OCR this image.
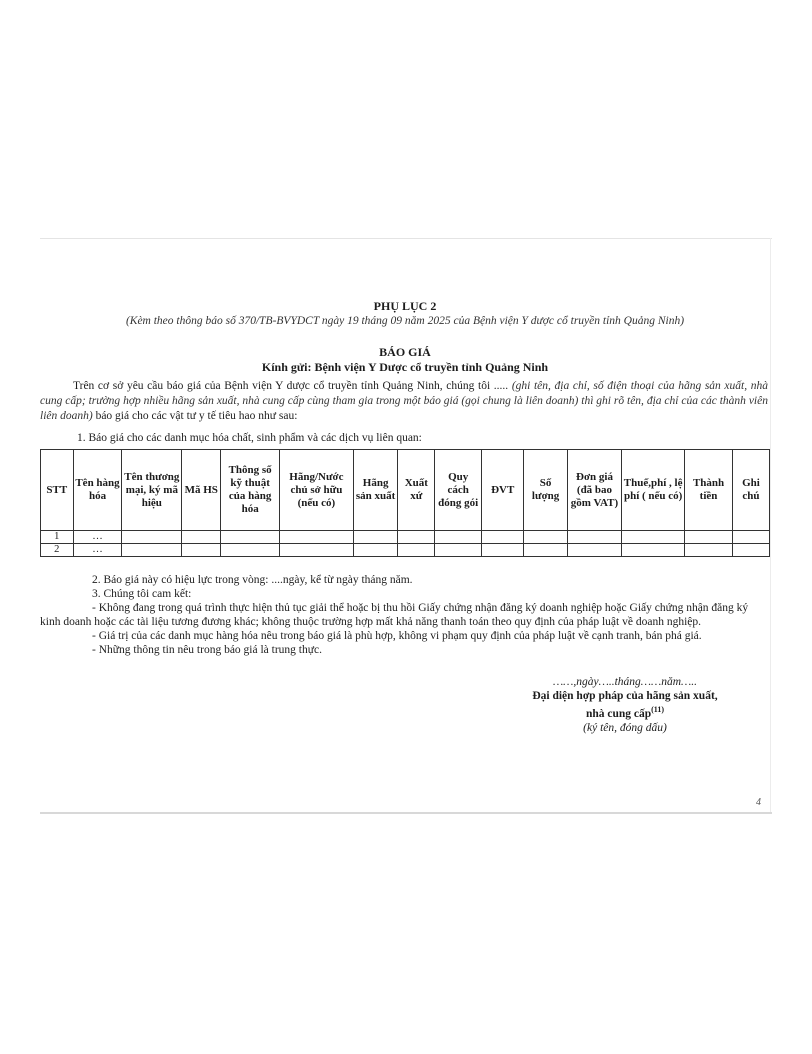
PHỤ LỤC 2
(Kèm theo thông báo số 370/TB-BVYDCT ngày 19 tháng 09 năm 2025 của Bệnh viện Y dược cổ truyền tỉnh Quảng Ninh)
BÁO GIÁ
Kính gửi: Bệnh viện Y Dược cổ truyền tỉnh Quảng Ninh
Trên cơ sở yêu cầu báo giá của Bệnh viện Y dược cổ truyền tỉnh Quảng Ninh, chúng tôi ..... (ghi tên, địa chỉ, số điện thoại của hãng sản xuất, nhà cung cấp; trường hợp nhiều hãng sản xuất, nhà cung cấp cùng tham gia trong một báo giá (gọi chung là liên doanh) thì ghi rõ tên, địa chỉ của các thành viên liên doanh) báo giá cho các vật tư y tế tiêu hao như sau:
1. Báo giá cho các danh mục hóa chất, sinh phẩm và các dịch vụ liên quan:
STT	Tên hàng hóa	Tên thương mại, ký mã hiệu	Mã HS	Thông số kỹ thuật của hàng hóa	Hãng/Nước chủ sở hữu (nếu có)	Hãng sản xuất	Xuất xứ	Quy cách đóng gói	ĐVT	Số lượng	Đơn giá (đã bao gồm VAT)	Thuế,phí , lệ phí ( nếu có)	Thành tiền	Ghi chú
1	…													
2	…													

2. Báo giá này có hiệu lực trong vòng: ....ngày, kể từ ngày tháng năm.

3. Chúng tôi cam kết:

- Không đang trong quá trình thực hiện thủ tục giải thể hoặc bị thu hồi Giấy chứng nhận đăng ký doanh nghiệp hoặc Giấy chứng nhận đăng ký kinh doanh hoặc các tài liệu tương đương khác; không thuộc trường hợp mất khả năng thanh toán theo quy định của pháp luật về doanh nghiệp.

- Giá trị của các danh mục hàng hóa nêu trong báo giá là phù hợp, không vi phạm quy định của pháp luật về cạnh tranh, bán phá giá.

- Những thông tin nêu trong báo giá là trung thực.

……,ngày…..tháng……năm…..
Đại diện hợp pháp của hãng sản xuất,
nhà cung cấp$^{(11)}$
(ký tên, đóng dấu)
4
